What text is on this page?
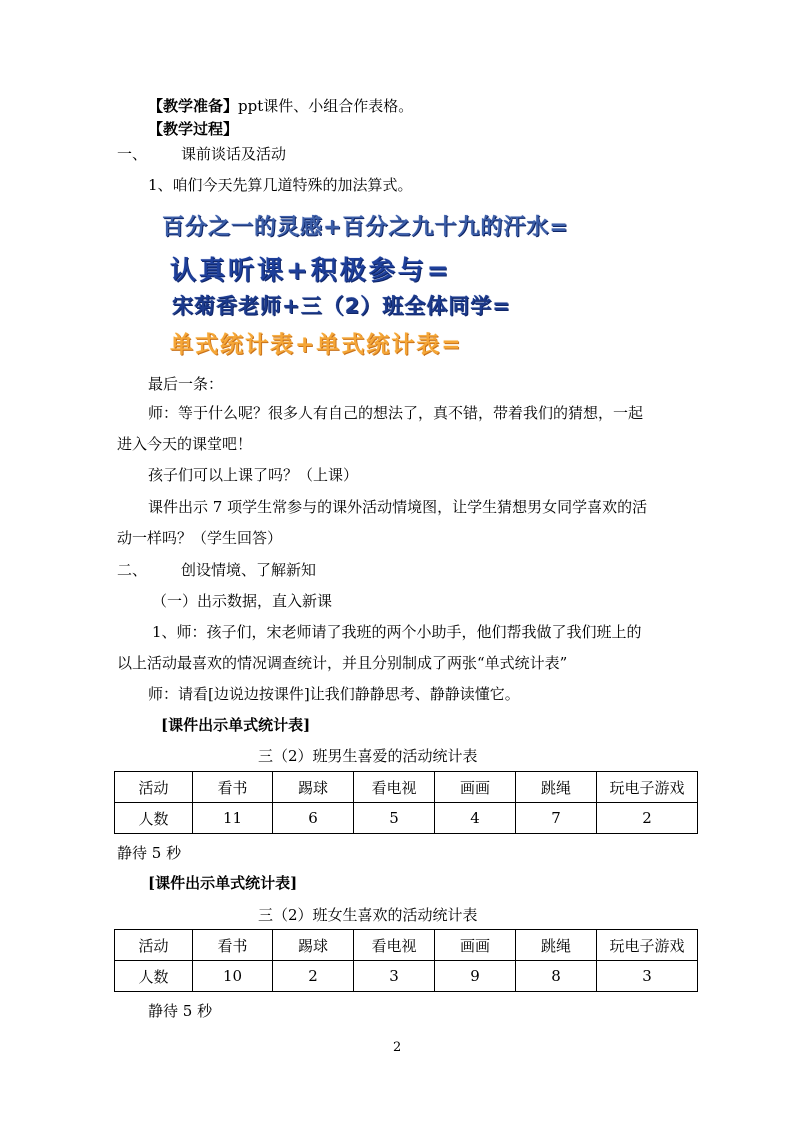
【教学准备】ppt课件、小组合作表格。
【教学过程】
一、 课前谈话及活动
1、咱们今天先算几道特殊的加法算式。
百分之一的灵感+百分之九十九的汗水=
认真听课+积极参与=
宋菊香老师+三（2）班全体同学=
单式统计表+单式统计表=
最后一条：
师：等于什么呢？很多人有自己的想法了，真不错，带着我们的猜想，一起
进入今天的课堂吧！
孩子们可以上课了吗？（上课）
课件出示 7 项学生常参与的课外活动情境图，让学生猜想男女同学喜欢的活
动一样吗？（学生回答）
二、 创设情境、了解新知
（一）出示数据，直入新课
1、师：孩子们，宋老师请了我班的两个小助手，他们帮我做了我们班上的
以上活动最喜欢的情况调查统计，并且分别制成了两张“单式统计表”
师：请看[边说边按课件]让我们静静思考、静静读懂它。
[课件出示单式统计表]
三（2）班男生喜爱的活动统计表
活动	看书	踢球	看电视	画画	跳绳	玩电子游戏
人数	11	6	5	4	7	2
静待 5 秒
[课件出示单式统计表]
三（2）班女生喜欢的活动统计表
活动	看书	踢球	看电视	画画	跳绳	玩电子游戏
人数	10	2	3	9	8	3
静待 5 秒
2
